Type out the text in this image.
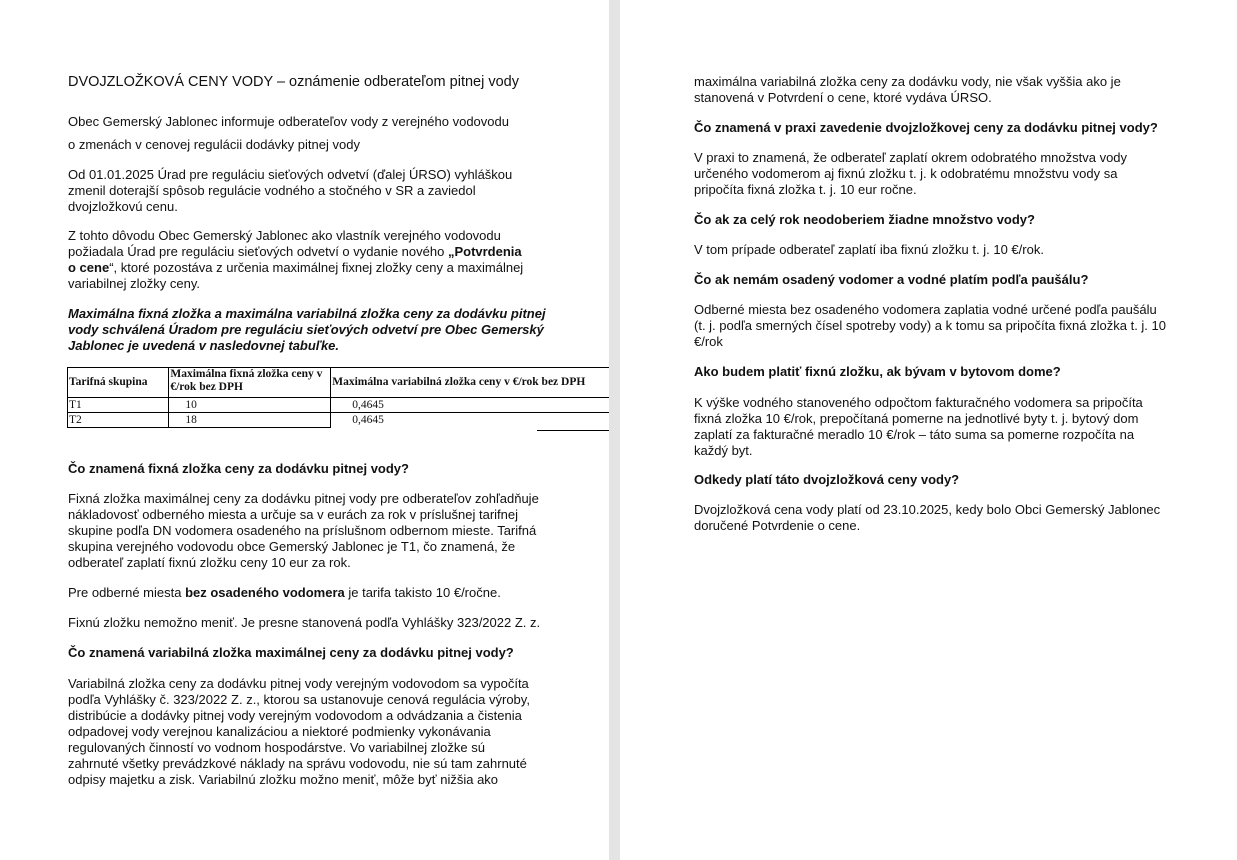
DVOJZLOŽKOVÁ CENY VODY – oznámenie odberateľom pitnej vody

Obec Gemerský Jablonec informuje odberateľov vody z verejného vodovodu

o zmenách v cenovej regulácii dodávky pitnej vody

Od 01.01.2025 Úrad pre reguláciu sieťových odvetví (ďalej ÚRSO) vyhláškou
zmenil doterajší spôsob regulácie vodného a stočného v SR a zaviedol
dvojzložkovú cenu.

Z tohto dôvodu Obec Gemerský Jablonec ako vlastník verejného vodovodu
požiadala Úrad pre reguláciu sieťových odvetví o vydanie nového „Potvrdenia
o cene“, ktoré pozostáva z určenia maximálnej fixnej zložky ceny a maximálnej
variabilnej zložky ceny.

Maximálna fixná zložka a maximálna variabilná zložka ceny za dodávku pitnej
vody schválená Úradom pre reguláciu sieťových odvetví pre Obec Gemerský
Jablonec je uvedená v nasledovnej tabuľke.

Tarifná skupina	Maximálna fixná zložka ceny v €/rok bez DPH	Maximálna variabilná zložka ceny v €/rok bez DPH
T1	10	0,4645
T2	18	0,4645

Čo znamená fixná zložka ceny za dodávku pitnej vody?

Fixná zložka maximálnej ceny za dodávku pitnej vody pre odberateľov zohľadňuje
nákladovosť odberného miesta a určuje sa v eurách za rok v príslušnej tarifnej
skupine podľa DN vodomera osadeného na príslušnom odbernom mieste. Tarifná
skupina verejného vodovodu obce Gemerský Jablonec je T1, čo znamená, že
odberateľ zaplatí fixnú zložku ceny 10 eur za rok.

Pre odberné miesta bez osadeného vodomera je tarifa takisto 10 €/ročne.

Fixnú zložku nemožno meniť. Je presne stanovená podľa Vyhlášky 323/2022 Z. z.

Čo znamená variabilná zložka maximálnej ceny za dodávku pitnej vody?

Variabilná zložka ceny za dodávku pitnej vody verejným vodovodom sa vypočíta
podľa Vyhlášky č. 323/2022 Z. z., ktorou sa ustanovuje cenová regulácia výroby,
distribúcie a dodávky pitnej vody verejným vodovodom a odvádzania a čistenia
odpadovej vody verejnou kanalizáciou a niektoré podmienky vykonávania
regulovaných činností vo vodnom hospodárstve. Vo variabilnej zložke sú
zahrnuté všetky prevádzkové náklady na správu vodovodu, nie sú tam zahrnuté
odpisy majetku a zisk. Variabilnú zložku možno meniť, môže byť nižšia ako

maximálna variabilná zložka ceny za dodávku vody, nie však vyššia ako je
stanovená v Potvrdení o cene, ktoré vydáva ÚRSO.

Čo znamená v praxi zavedenie dvojzložkovej ceny za dodávku pitnej vody?

V praxi to znamená, že odberateľ zaplatí okrem odobratého množstva vody
určeného vodomerom aj fixnú zložku t. j. k odobratému množstvu vody sa
pripočíta fixná zložka t. j. 10 eur ročne.

Čo ak za celý rok neodoberiem žiadne množstvo vody?

V tom prípade odberateľ zaplatí iba fixnú zložku t. j. 10 €/rok.

Čo ak nemám osadený vodomer a vodné platím podľa paušálu?

Odberné miesta bez osadeného vodomera zaplatia vodné určené podľa paušálu
(t. j. podľa smerných čísel spotreby vody) a k tomu sa pripočíta fixná zložka t. j. 10
€/rok

Ako budem platiť fixnú zložku, ak bývam v bytovom dome?

K výške vodného stanoveného odpočtom fakturačného vodomera sa pripočíta
fixná zložka 10 €/rok, prepočítaná pomerne na jednotlivé byty t. j. bytový dom
zaplatí za fakturačné meradlo 10 €/rok – táto suma sa pomerne rozpočíta na
každý byt.

Odkedy platí táto dvojzložková ceny vody?

Dvojzložková cena vody platí od 23.10.2025, kedy bolo Obci Gemerský Jablonec
doručené Potvrdenie o cene.
